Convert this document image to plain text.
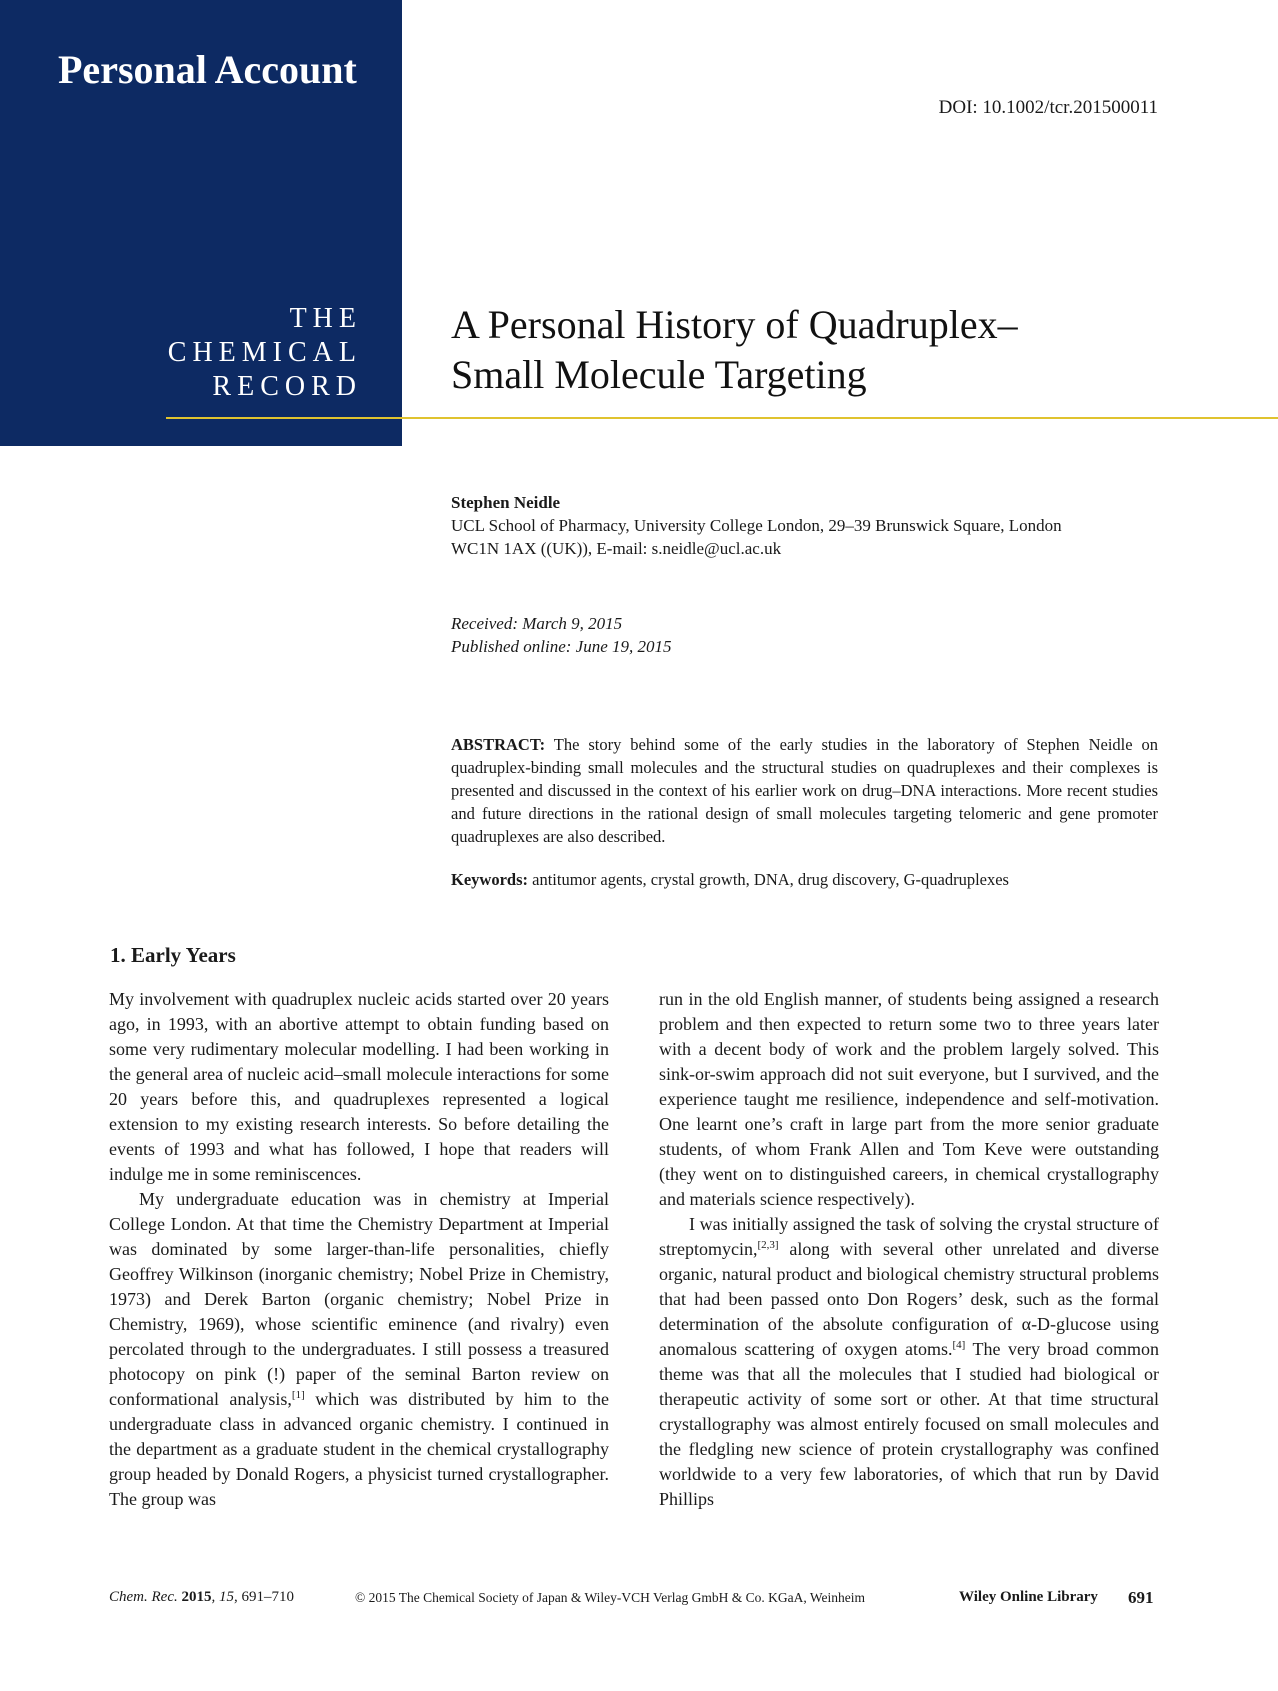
Personal Account
THE
CHEMICAL
RECORD
DOI: 10.1002/tcr.201500011
A Personal History of Quadruplex–
Small Molecule Targeting
Stephen Neidle
UCL School of Pharmacy, University College London, 29–39 Brunswick Square, London
WC1N 1AX ((UK)), E-mail: s.neidle@ucl.ac.uk
Received: March 9, 2015
Published online: June 19, 2015
ABSTRACT: The story behind some of the early studies in the laboratory of Stephen Neidle on quadruplex-binding small molecules and the structural studies on quadruplexes and their complexes is presented and discussed in the context of his earlier work on drug–DNA interactions. More recent studies and future directions in the rational design of small molecules targeting telomeric and gene promoter quadruplexes are also described.
Keywords: antitumor agents, crystal growth, DNA, drug discovery, G-quadruplexes
1. Early Years

My involvement with quadruplex nucleic acids started over 20 years ago, in 1993, with an abortive attempt to obtain funding based on some very rudimentary molecular modelling. I had been working in the general area of nucleic acid–small molecule interactions for some 20 years before this, and quadruplexes represented a logical extension to my existing research interests. So before detailing the events of 1993 and what has followed, I hope that readers will indulge me in some reminiscences.

My undergraduate education was in chemistry at Imperial College London. At that time the Chemistry Department at Imperial was dominated by some larger-than-life personalities, chiefly Geoffrey Wilkinson (inorganic chemistry; Nobel Prize in Chemistry, 1973) and Derek Barton (organic chemistry; Nobel Prize in Chemistry, 1969), whose scientific eminence (and rivalry) even percolated through to the undergraduates. I still possess a treasured photocopy on pink (!) paper of the seminal Barton review on conformational analysis,[1] which was distributed by him to the undergraduate class in advanced organic chemistry. I continued in the department as a graduate student in the chemical crystallography group headed by Donald Rogers, a physicist turned crystallographer. The group was

run in the old English manner, of students being assigned a research problem and then expected to return some two to three years later with a decent body of work and the problem largely solved. This sink-or-swim approach did not suit everyone, but I survived, and the experience taught me resilience, independence and self-motivation. One learnt one’s craft in large part from the more senior graduate students, of whom Frank Allen and Tom Keve were outstanding (they went on to distinguished careers, in chemical crystallography and materials science respectively).

I was initially assigned the task of solving the crystal structure of streptomycin,[2,3] along with several other unrelated and diverse organic, natural product and biological chemistry structural problems that had been passed onto Don Rogers’ desk, such as the formal determination of the absolute configuration of α-D-glucose using anomalous scattering of oxygen atoms.[4] The very broad common theme was that all the molecules that I studied had biological or therapeutic activity of some sort or other. At that time structural crystallography was almost entirely focused on small molecules and the fledgling new science of protein crystallography was confined worldwide to a very few laboratories, of which that run by David Phillips

Chem. Rec. 2015, 15, 691–710	© 2015 The Chemical Society of Japan & Wiley-VCH Verlag GmbH & Co. KGaA, Weinheim	Wiley Online Library 691
